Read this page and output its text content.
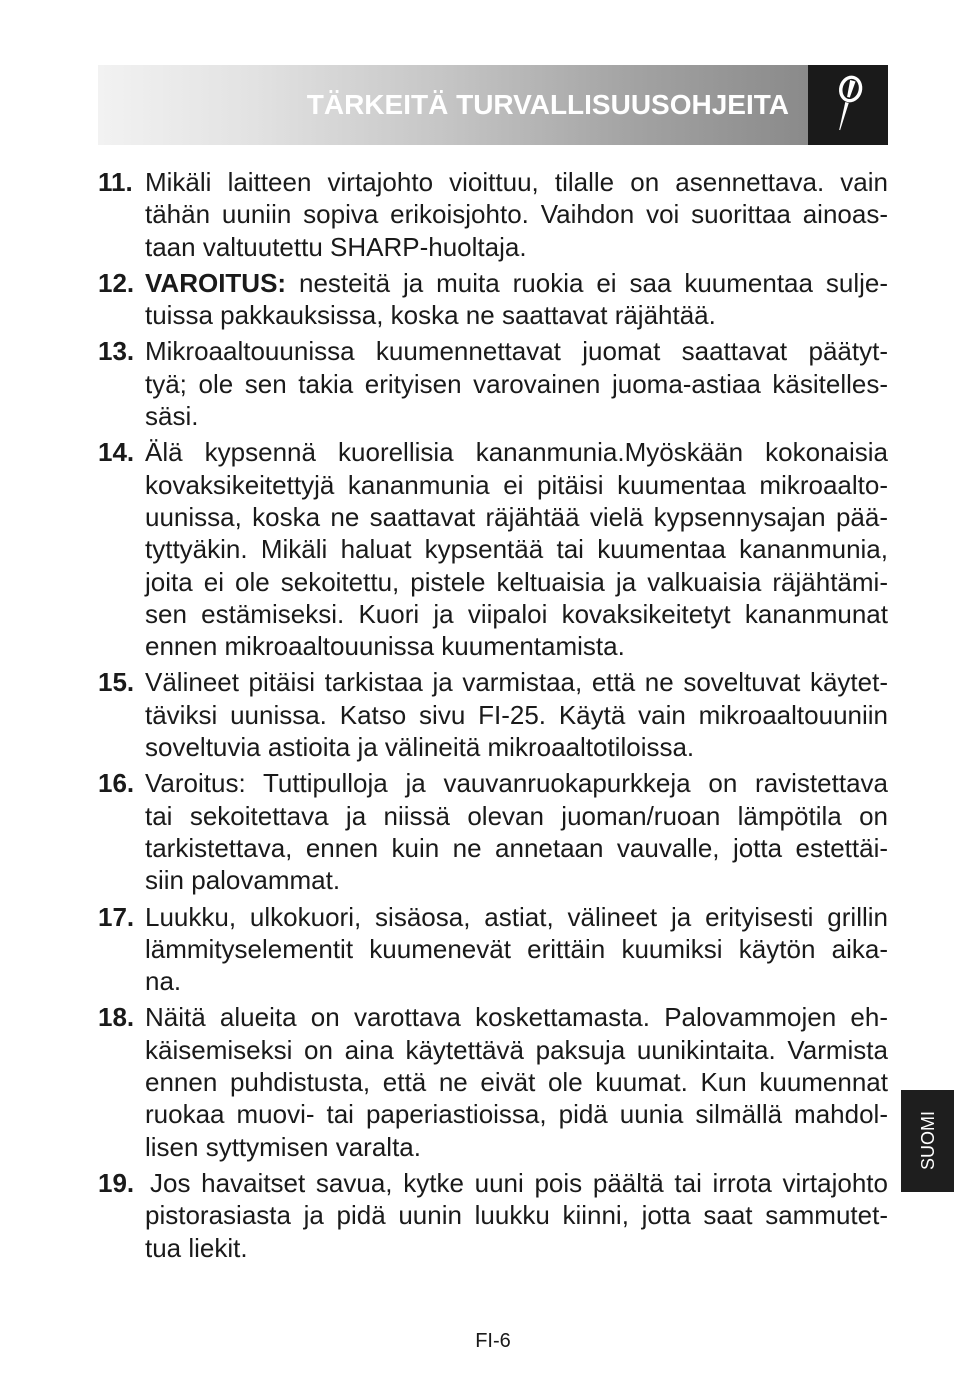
TÄRKEITÄ TURVALLISUUSOHJEITA
11. Mikäli laitteen virtajohto vioittuu, tilalle on asennettava. vain
tähän uuniin sopiva erikoisjohto. Vaihdon voi suorittaa ainoas-
taan valtuutettu SHARP-huoltaja.
12. VAROITUS: nesteitä ja muita ruokia ei saa kuumentaa sulje-
tuissa pakkauksissa, koska ne saattavat räjähtää.
13. Mikroaaltouunissa kuumennettavat juomat saattavat päätyt-
tyä; ole sen takia erityisen varovainen juoma-astiaa käsitelles-
säsi.
14. Älä kypsennä kuorellisia kananmunia.Myöskään kokonaisia
kovaksikeitettyjä kananmunia ei pitäisi kuumentaa mikroaalto-
uunissa, koska ne saattavat räjähtää vielä kypsennysajan pää-
tyttyäkin. Mikäli haluat kypsentää tai kuumentaa kananmunia,
joita ei ole sekoitettu, pistele keltuaisia ja valkuaisia räjähtämi-
sen estämiseksi. Kuori ja viipaloi kovaksikeitetyt kananmunat
ennen mikroaaltouunissa kuumentamista.
15. Välineet pitäisi tarkistaa ja varmistaa, että ne soveltuvat käytet-
täviksi uunissa. Katso sivu FI-25. Käytä vain mikroaaltouuniin
soveltuvia astioita ja välineitä mikroaaltotiloissa.
16. Varoitus: Tuttipulloja ja vauvanruokapurkkeja on ravistettava
tai sekoitettava ja niissä olevan juoman/ruoan lämpötila on
tarkistettava, ennen kuin ne annetaan vauvalle, jotta estettäi-
siin palovammat.
17. Luukku, ulkokuori, sisäosa, astiat, välineet ja erityisesti grillin
lämmityselementit kuumenevät erittäin kuumiksi käytön aika-
na.
18. Näitä alueita on varottava koskettamasta. Palovammojen eh-
käisemiseksi on aina käytettävä paksuja uunikintaita. Varmista
ennen puhdistusta, että ne eivät ole kuumat. Kun kuumennat
ruokaa muovi- tai paperiastioissa, pidä uunia silmällä mahdol-
lisen syttymisen varalta.
19. Jos havaitset savua, kytke uuni pois päältä tai irrota virtajohto
pistorasiasta ja pidä uunin luukku kiinni, jotta saat sammutet-
tua liekit.
SUOMI
FI-6
